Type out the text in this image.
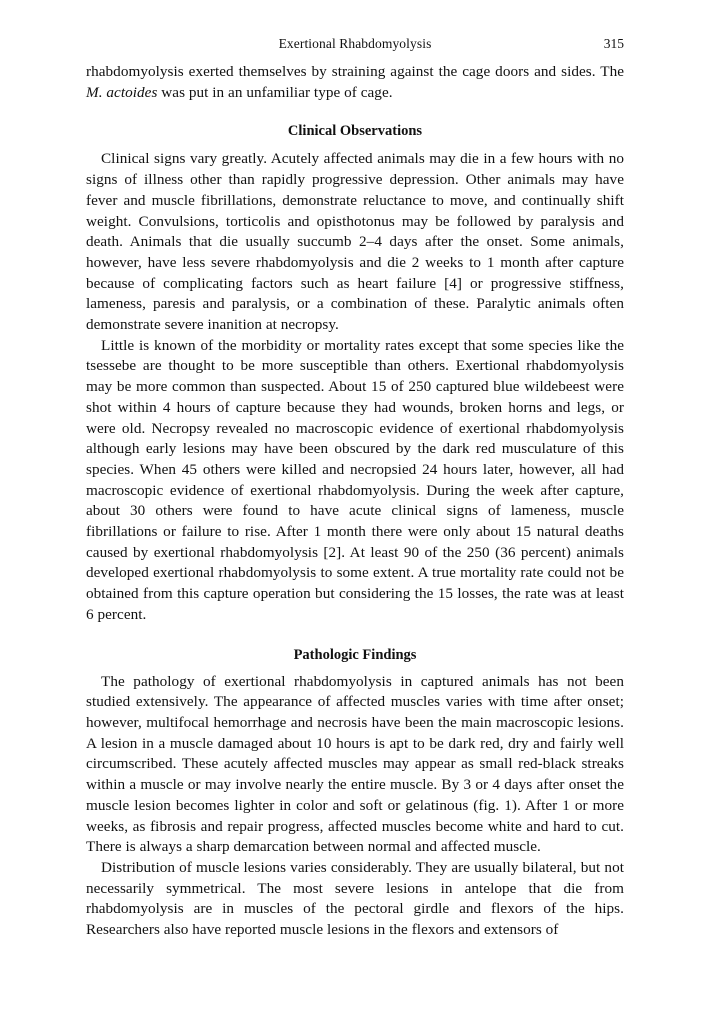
Exertional Rhabdomyolysis	315

rhabdomyolysis exerted themselves by straining against the cage doors and sides. The M. actoides was put in an unfamiliar type of cage.

Clinical Observations

Clinical signs vary greatly. Acutely affected animals may die in a few hours with no signs of illness other than rapidly progressive depression. Other animals may have fever and muscle fibrillations, demonstrate reluctance to move, and continually shift weight. Convulsions, torticolis and opisthotonus may be followed by paralysis and death. Animals that die usually succumb 2–4 days after the onset. Some animals, however, have less severe rhabdomyolysis and die 2 weeks to 1 month after capture because of complicating factors such as heart failure [4] or progressive stiffness, lameness, paresis and paralysis, or a combination of these. Paralytic animals often demonstrate severe inanition at necropsy.

Little is known of the morbidity or mortality rates except that some species like the tsessebe are thought to be more susceptible than others. Exertional rhabdomyolysis may be more common than suspected. About 15 of 250 captured blue wildebeest were shot within 4 hours of capture because they had wounds, broken horns and legs, or were old. Necropsy revealed no macroscopic evidence of exertional rhabdomyolysis although early lesions may have been obscured by the dark red musculature of this species. When 45 others were killed and necropsied 24 hours later, however, all had macroscopic evidence of exertional rhabdomyolysis. During the week after capture, about 30 others were found to have acute clinical signs of lameness, muscle fibrillations or failure to rise. After 1 month there were only about 15 natural deaths caused by exertional rhabdomyolysis [2]. At least 90 of the 250 (36 percent) animals developed exertional rhabdomyolysis to some extent. A true mortality rate could not be obtained from this capture operation but considering the 15 losses, the rate was at least 6 percent.

Pathologic Findings

The pathology of exertional rhabdomyolysis in captured animals has not been studied extensively. The appearance of affected muscles varies with time after onset; however, multifocal hemorrhage and necrosis have been the main macroscopic lesions. A lesion in a muscle damaged about 10 hours is apt to be dark red, dry and fairly well circumscribed. These acutely affected muscles may appear as small red-black streaks within a muscle or may involve nearly the entire muscle. By 3 or 4 days after onset the muscle lesion becomes lighter in color and soft or gelatinous (fig. 1). After 1 or more weeks, as fibrosis and repair progress, affected muscles become white and hard to cut. There is always a sharp demarcation between normal and affected muscle.

Distribution of muscle lesions varies considerably. They are usually bilateral, but not necessarily symmetrical. The most severe lesions in antelope that die from rhabdomyolysis are in muscles of the pectoral girdle and flexors of the hips. Researchers also have reported muscle lesions in the flexors and extensors of
